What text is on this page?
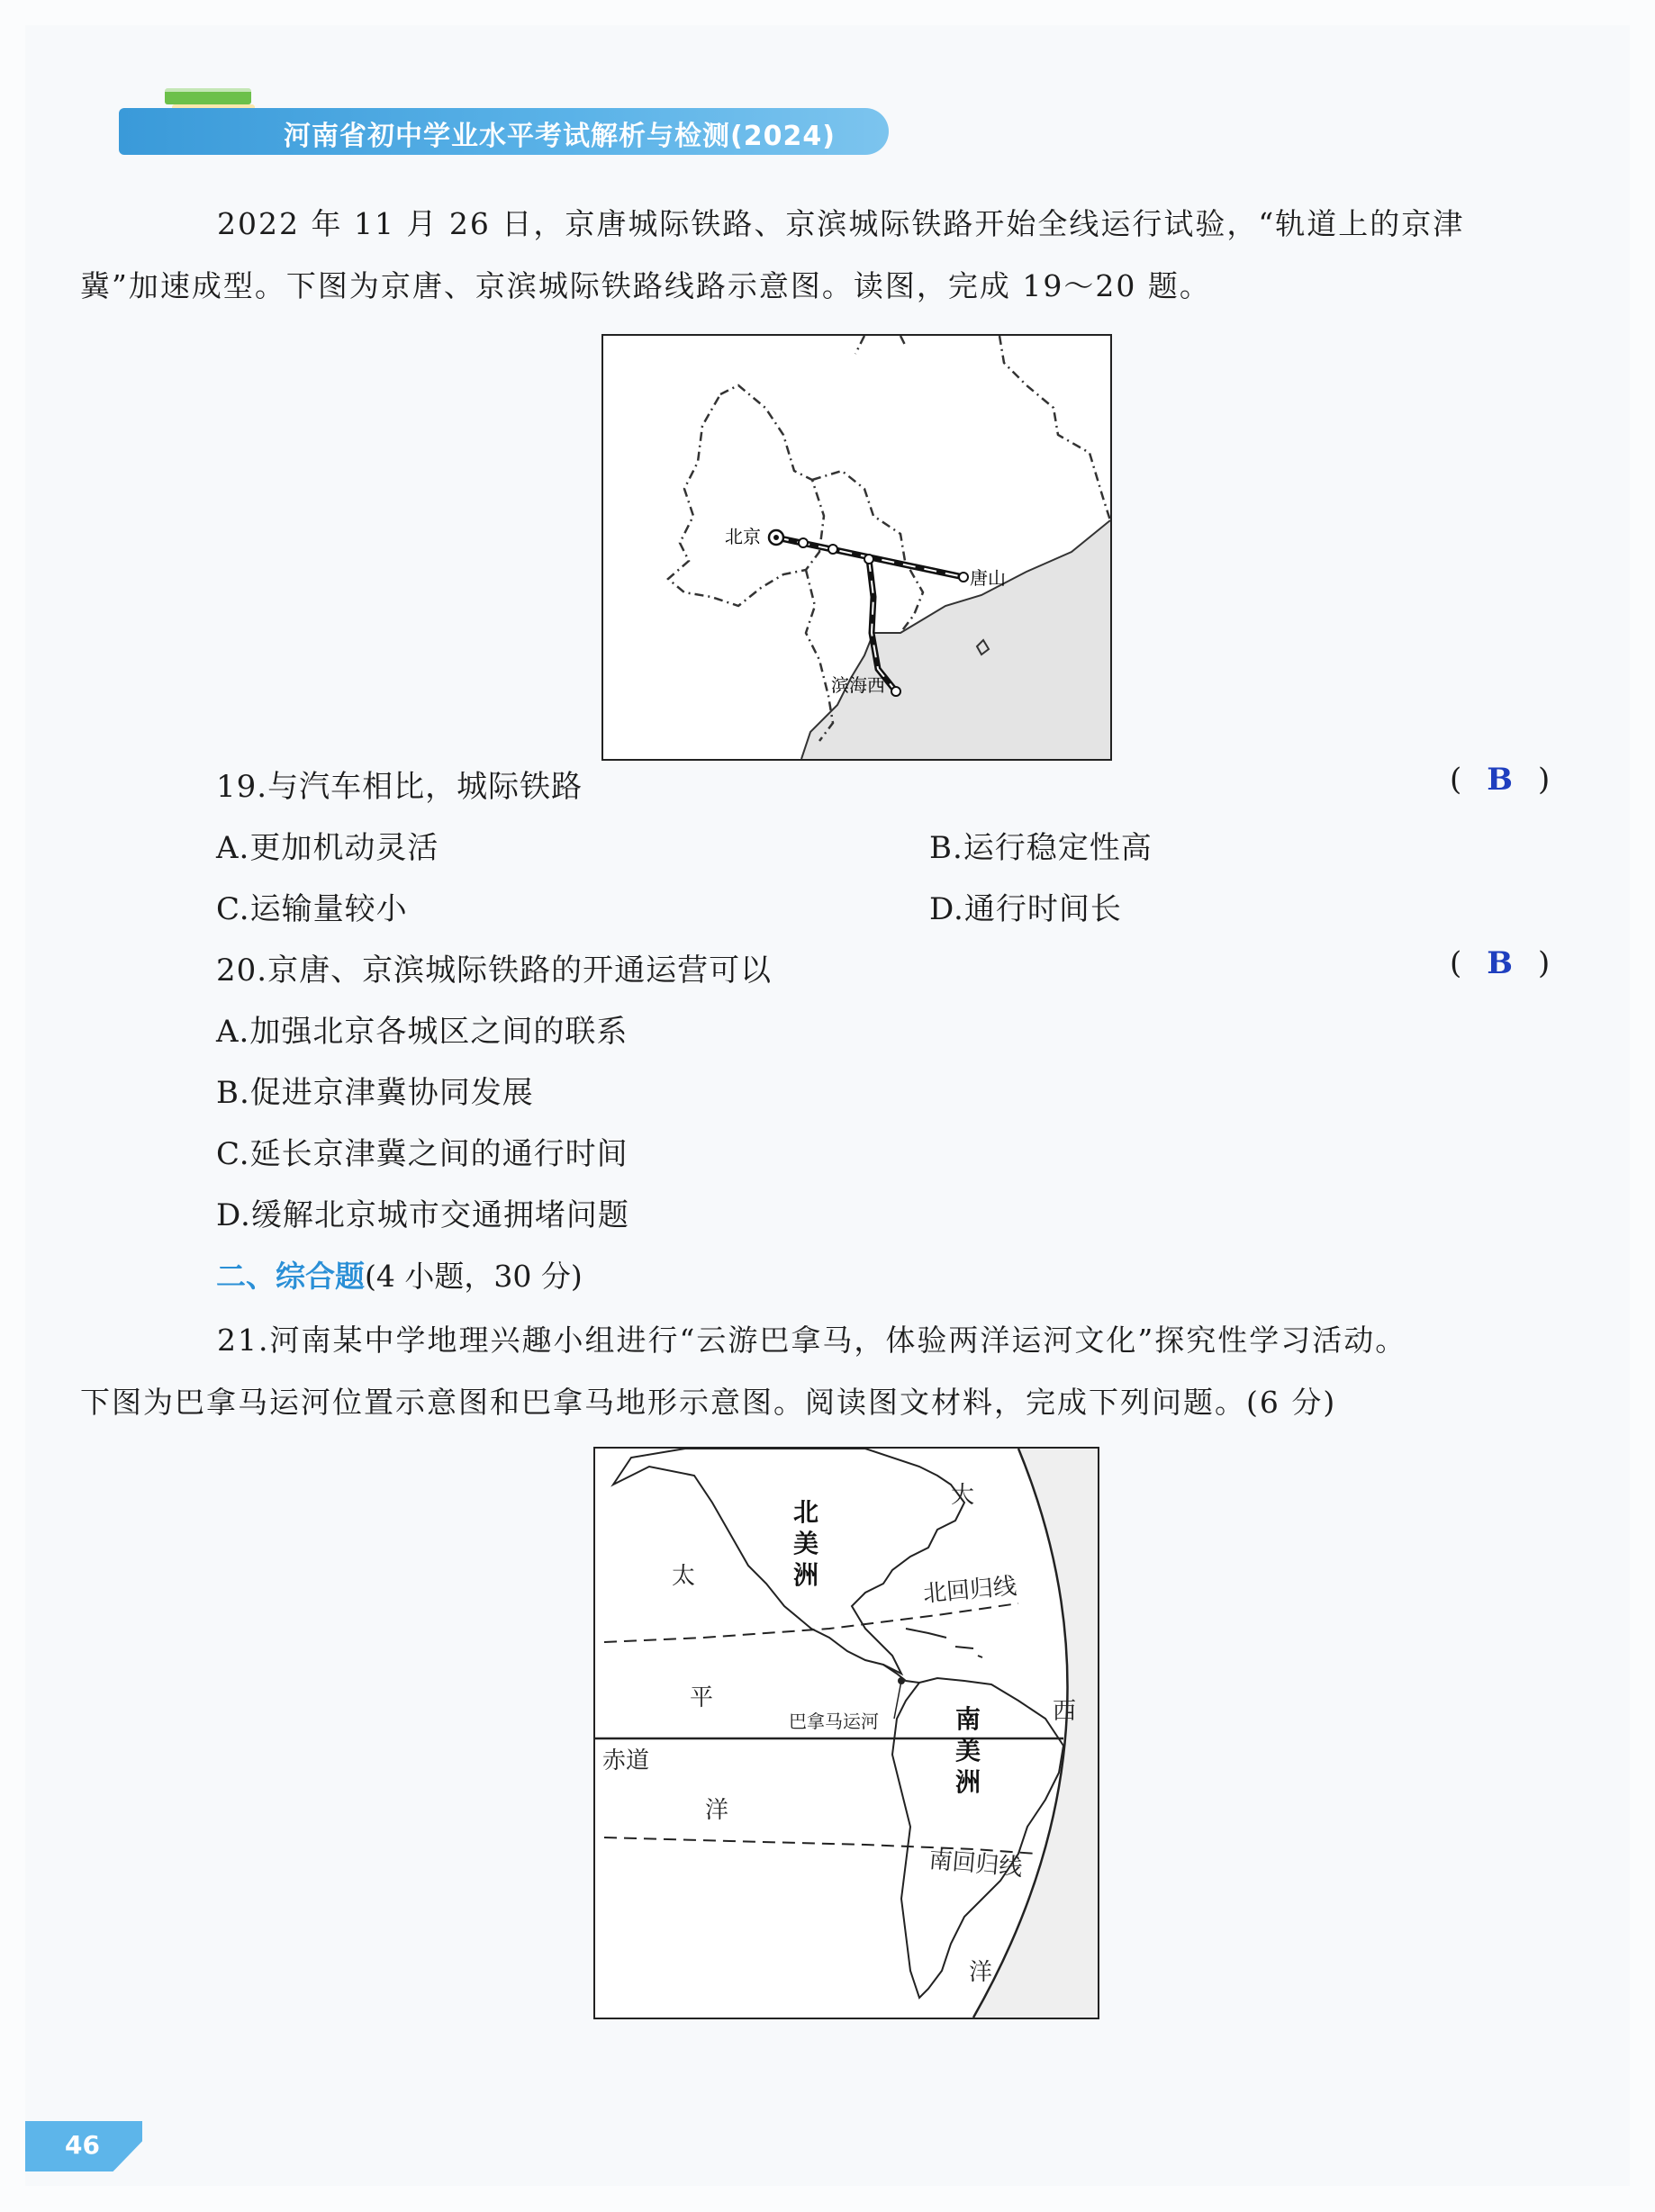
河南省初中学业水平考试解析与检测(2024)
2022 年 11 月 26 日，京唐城际铁路、京滨城际铁路开始全线运行试验，“轨道上的京津
冀”加速成型。下图为京唐、京滨城际铁路线路示意图。读图，完成 19～20 题。
北京
唐山
滨海西
19.与汽车相比，城际铁路	( B )
A.更加机动灵活	B.运行稳定性高
C.运输量较小	D.通行时间长
20.京唐、京滨城际铁路的开通运营可以	( B )
A.加强北京各城区之间的联系
B.促进京津冀协同发展
C.延长京津冀之间的通行时间
D.缓解北京城市交通拥堵问题
二、综合题(4 小题，30 分)
21.河南某中学地理兴趣小组进行“云游巴拿马，体验两洋运河文化”探究性学习活动。
下图为巴拿马运河位置示意图和巴拿马地形示意图。阅读图文材料，完成下列问题。(6 分)
北
美
洲
南
美
洲
太
平
洋
大
西
洋
赤道
北回归线
南回归线
巴拿马运河
46
